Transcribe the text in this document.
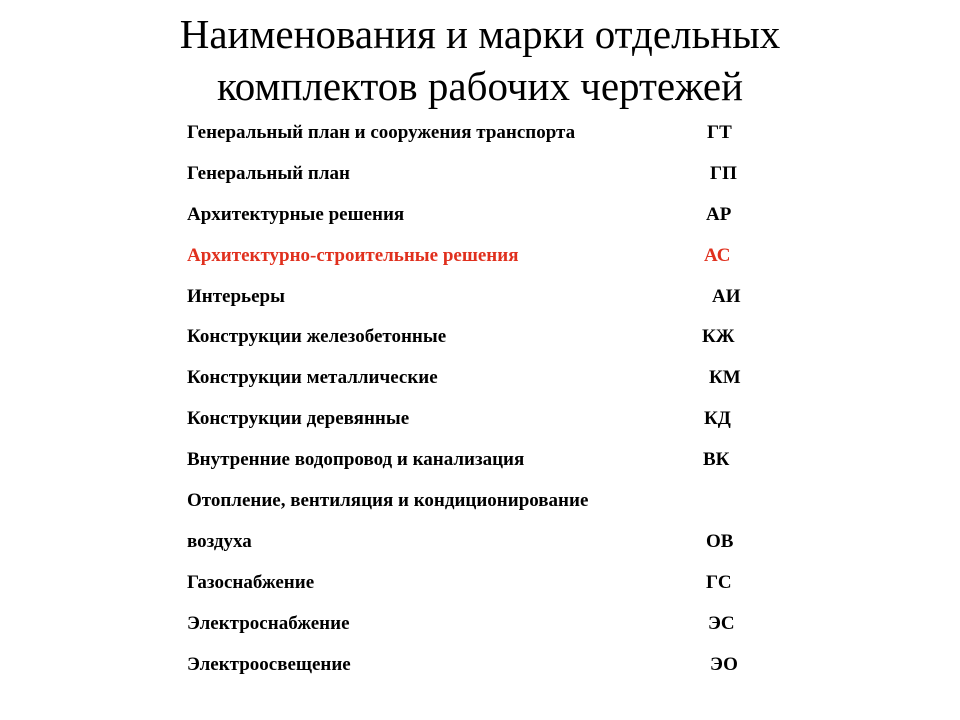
Наименования и марки отдельных
комплектов рабочих чертежей
Генеральный план и сооружения транспорта	ГТ
Генеральный план	ГП
Архитектурные решения	АР
Архитектурно-строительные решения	АС
Интерьеры	АИ
Конструкции железобетонные	КЖ
Конструкции металлические	КМ
Конструкции деревянные	КД
Внутренние водопровод и канализация	ВК
Отопление, вентиляция и кондиционирование
воздуха	ОВ
Газоснабжение	ГС
Электроснабжение	ЭС
Электроосвещение	ЭО
